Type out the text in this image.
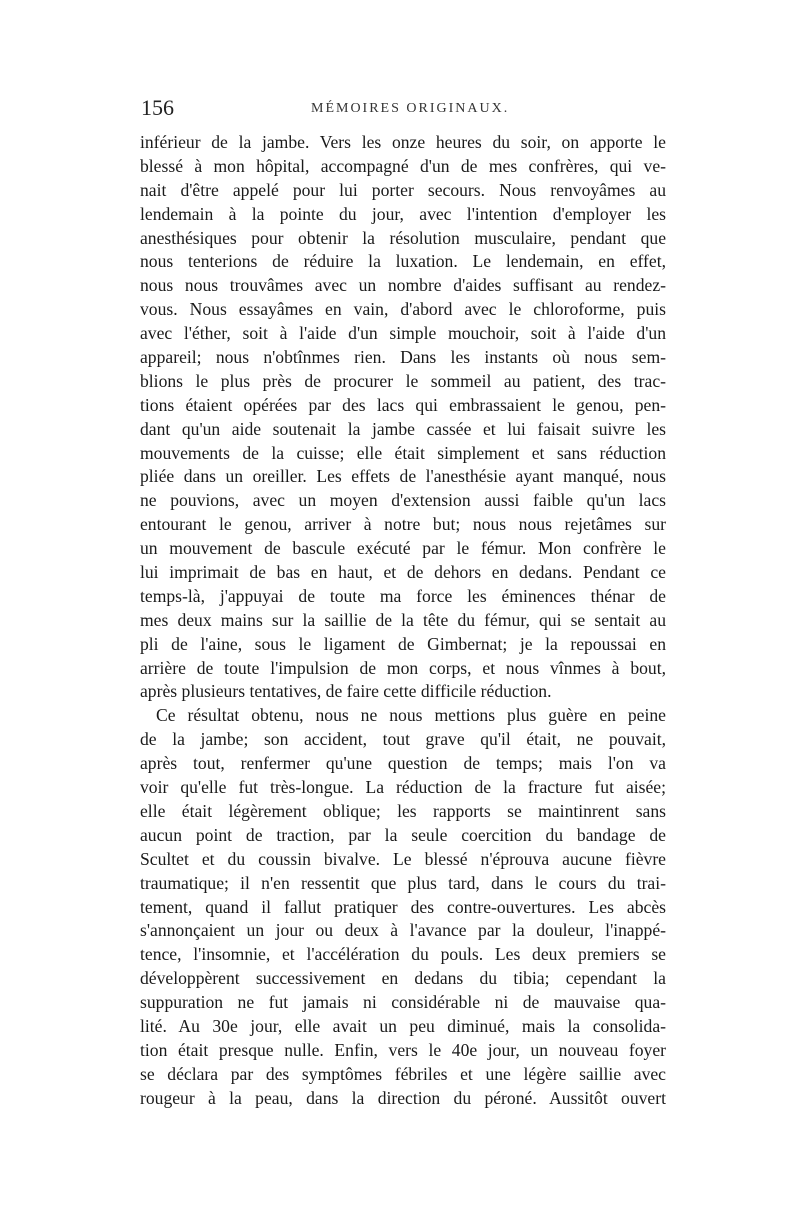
156	MÉMOIRES ORIGINAUX.
inférieur de la jambe. Vers les onze heures du soir, on apporte le
blessé à mon hôpital, accompagné d'un de mes confrères, qui ve-
nait d'être appelé pour lui porter secours. Nous renvoyâmes au
lendemain à la pointe du jour, avec l'intention d'employer les
anesthésiques pour obtenir la résolution musculaire, pendant que
nous tenterions de réduire la luxation. Le lendemain, en effet,
nous nous trouvâmes avec un nombre d'aides suffisant au rendez-
vous. Nous essayâmes en vain, d'abord avec le chloroforme, puis
avec l'éther, soit à l'aide d'un simple mouchoir, soit à l'aide d'un
appareil; nous n'obtînmes rien. Dans les instants où nous sem-
blions le plus près de procurer le sommeil au patient, des trac-
tions étaient opérées par des lacs qui embrassaient le genou, pen-
dant qu'un aide soutenait la jambe cassée et lui faisait suivre les
mouvements de la cuisse; elle était simplement et sans réduction
pliée dans un oreiller. Les effets de l'anesthésie ayant manqué, nous
ne pouvions, avec un moyen d'extension aussi faible qu'un lacs
entourant le genou, arriver à notre but; nous nous rejetâmes sur
un mouvement de bascule exécuté par le fémur. Mon confrère le
lui imprimait de bas en haut, et de dehors en dedans. Pendant ce
temps-là, j'appuyai de toute ma force les éminences thénar de
mes deux mains sur la saillie de la tête du fémur, qui se sentait au
pli de l'aine, sous le ligament de Gimbernat; je la repoussai en
arrière de toute l'impulsion de mon corps, et nous vînmes à bout,
après plusieurs tentatives, de faire cette difficile réduction.
Ce résultat obtenu, nous ne nous mettions plus guère en peine
de la jambe; son accident, tout grave qu'il était, ne pouvait,
après tout, renfermer qu'une question de temps; mais l'on va
voir qu'elle fut très-longue. La réduction de la fracture fut aisée;
elle était légèrement oblique; les rapports se maintinrent sans
aucun point de traction, par la seule coercition du bandage de
Scultet et du coussin bivalve. Le blessé n'éprouva aucune fièvre
traumatique; il n'en ressentit que plus tard, dans le cours du trai-
tement, quand il fallut pratiquer des contre-ouvertures. Les abcès
s'annonçaient un jour ou deux à l'avance par la douleur, l'inappé-
tence, l'insomnie, et l'accélération du pouls. Les deux premiers se
développèrent successivement en dedans du tibia; cependant la
suppuration ne fut jamais ni considérable ni de mauvaise qua-
lité. Au 30e jour, elle avait un peu diminué, mais la consolida-
tion était presque nulle. Enfin, vers le 40e jour, un nouveau foyer
se déclara par des symptômes fébriles et une légère saillie avec
rougeur à la peau, dans la direction du péroné. Aussitôt ouvert
